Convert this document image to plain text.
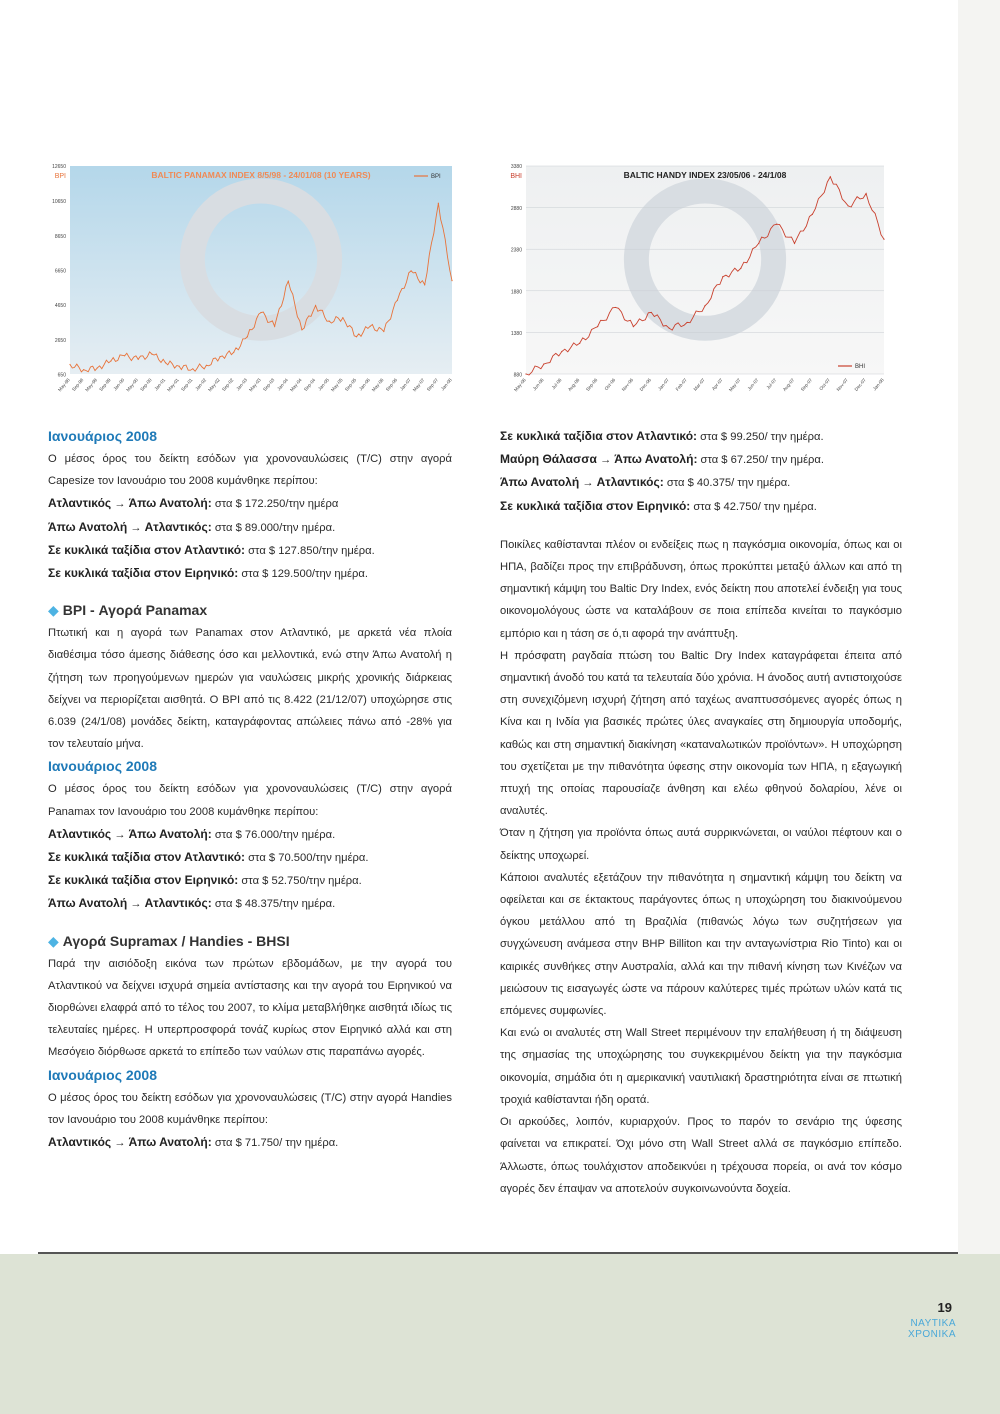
BALTIC PANAMAX INDEX 8/5/98 - 24/01/08 (10 YEARS)
BPI
12650
10650
8650
6650
4650
2650
650
May-98 Sep-98 May-99 Sep-99 Jan-00 May-00 Sep-00 Jan-01 May-01 Sep-01 Jan-02 May-02 Sep-02 Jan-03 May-03 Sep-03 Jan-04 May-04 Sep-04 Jan-05 May-05 Sep-05 Jan-06 May-06 Sep-06 Jan-07 May-07 Sep-07 Jan-08
BPI	BALTIC HANDY INDEX 23/05/06 - 24/1/08
BHI
3380
2880
2380
1880
1380
880
May-06 Jun-06 Jul-06 Aug-06 Sep-06 Oct-06 Nov-06 Dec-06 Jan-07 Feb-07 Mar-07 Apr-07 May-07 Jun-07 Jul-07 Aug-07 Sep-07 Oct-07 Nov-07 Dec-07 Jan-08
BHI

Ιανουάριος 2008

Ο μέσος όρος του δείκτη εσόδων για χρονοναυλώσεις (T/C) στην αγορά Capesize τον Ιανουάριο του 2008 κυμάνθηκε περίπου:

Ατλαντικός → Άπω Ανατολή: στα $ 172.250/την ημέρα

Άπω Ανατολή → Ατλαντικός: στα $ 89.000/την ημέρα.

Σε κυκλικά ταξίδια στον Ατλαντικό: στα $ 127.850/την ημέρα.

Σε κυκλικά ταξίδια στον Ειρηνικό: στα $ 129.500/την ημέρα.

◆ BPI - Αγορά Panamax

Πτωτική και η αγορά των Panamax στον Ατλαντικό, με αρκετά νέα πλοία διαθέσιμα τόσο άμεσης διάθεσης όσο και μελλοντικά, ενώ στην Άπω Ανατολή η ζήτηση των προηγούμενων ημερών για ναυλώσεις μικρής χρονικής διάρκειας δείχνει να περιορίζεται αισθητά. Ο BPI από τις 8.422 (21/12/07) υποχώρησε στις 6.039 (24/1/08) μονάδες δείκτη, καταγράφοντας απώλειες πάνω από -28% για τον τελευταίο μήνα.

Ιανουάριος 2008

Ο μέσος όρος του δείκτη εσόδων για χρονοναυλώσεις (T/C) στην αγορά Panamax τον Ιανουάριο του 2008 κυμάνθηκε περίπου:

Ατλαντικός → Άπω Ανατολή: στα $ 76.000/την ημέρα.

Σε κυκλικά ταξίδια στον Ατλαντικό: στα $ 70.500/την ημέρα.

Σε κυκλικά ταξίδια στον Ειρηνικό: στα $ 52.750/την ημέρα.

Άπω Ανατολή → Ατλαντικός: στα $ 48.375/την ημέρα.

◆ Αγορά Supramax / Handies - BHSI

Παρά την αισιόδοξη εικόνα των πρώτων εβδομάδων, με την αγορά του Ατλαντικού να δείχνει ισχυρά σημεία αντίστασης και την αγορά του Ειρηνικού να διορθώνει ελαφρά από το τέλος του 2007, το κλίμα μεταβλήθηκε αισθητά ιδίως τις τελευταίες ημέρες. Η υπερπροσφορά τονάζ κυρίως στον Ειρηνικό αλλά και στη Μεσόγειο διόρθωσε αρκετά το επίπεδο των ναύλων στις παραπάνω αγορές.

Ιανουάριος 2008

Ο μέσος όρος του δείκτη εσόδων για χρονοναυλώσεις (T/C) στην αγορά Handies τον Ιανουάριο του 2008 κυμάνθηκε περίπου:

Ατλαντικός → Άπω Ανατολή: στα $ 71.750/ την ημέρα.

Σε κυκλικά ταξίδια στον Ατλαντικό: στα $ 99.250/ την ημέρα.

Μαύρη Θάλασσα → Άπω Ανατολή: στα $ 67.250/ την ημέρα.

Άπω Ανατολή → Ατλαντικός: στα $ 40.375/ την ημέρα.

Σε κυκλικά ταξίδια στον Ειρηνικό: στα $ 42.750/ την ημέρα.

Ποικίλες καθίστανται πλέον οι ενδείξεις πως η παγκόσμια οικονομία, όπως και οι ΗΠΑ, βαδίζει προς την επιβράδυνση, όπως προκύπτει μεταξύ άλλων και από τη σημαντική κάμψη του Baltic Dry Index, ενός δείκτη που αποτελεί ένδειξη για τους οικονομολόγους ώστε να καταλάβουν σε ποια επίπεδα κινείται το παγκόσμιο εμπόριο και η τάση σε ό,τι αφορά την ανάπτυξη.

Η πρόσφατη ραγδαία πτώση του Baltic Dry Index καταγράφεται έπειτα από σημαντική άνοδό του κατά τα τελευταία δύο χρόνια. Η άνοδος αυτή αντιστοιχούσε στη συνεχιζόμενη ισχυρή ζήτηση από ταχέως αναπτυσσόμενες αγορές όπως η Κίνα και η Ινδία για βασικές πρώτες ύλες αναγκαίες στη δημιουργία υποδομής, καθώς και στη σημαντική διακίνηση «καταναλωτικών προϊόντων». Η υποχώρηση του σχετίζεται με την πιθανότητα ύφεσης στην οικονομία των ΗΠΑ, η εξαγωγική πτυχή της οποίας παρουσίαζε άνθηση και ελέω φθηνού δολαρίου, λένε οι αναλυτές.

Όταν η ζήτηση για προϊόντα όπως αυτά συρρικνώνεται, οι ναύλοι πέφτουν και ο δείκτης υποχωρεί.

Κάποιοι αναλυτές εξετάζουν την πιθανότητα η σημαντική κάμψη του δείκτη να οφείλεται και σε έκτακτους παράγοντες όπως η υποχώρηση του διακινούμενου όγκου μετάλλου από τη Βραζιλία (πιθανώς λόγω των συζητήσεων για συγχώνευση ανάμεσα στην BHP Billiton και την ανταγωνίστρια Rio Tinto) και οι καιρικές συνθήκες στην Αυστραλία, αλλά και την πιθανή κίνηση των Κινέζων να μειώσουν τις εισαγωγές ώστε να πάρουν καλύτερες τιμές πρώτων υλών κατά τις επόμενες συμφωνίες.

Και ενώ οι αναλυτές στη Wall Street περιμένουν την επαλήθευση ή τη διάψευση της σημασίας της υποχώρησης του συγκεκριμένου δείκτη για την παγκόσμια οικονομία, σημάδια ότι η αμερικανική ναυτιλιακή δραστηριότητα είναι σε πτωτική τροχιά καθίστανται ήδη ορατά.

Οι αρκούδες, λοιπόν, κυριαρχούν. Προς το παρόν το σενάριο της ύφεσης φαίνεται να επικρατεί. Όχι μόνο στη Wall Street αλλά σε παγκόσμιο επίπεδο. Άλλωστε, όπως τουλάχιστον αποδεικνύει η τρέχουσα πορεία, οι ανά τον κόσμο αγορές δεν έπαψαν να αποτελούν συγκοινωνούντα δοχεία.

19
ΝΑΥΤΙΚΑ
ΧΡΟΝΙΚΑ
